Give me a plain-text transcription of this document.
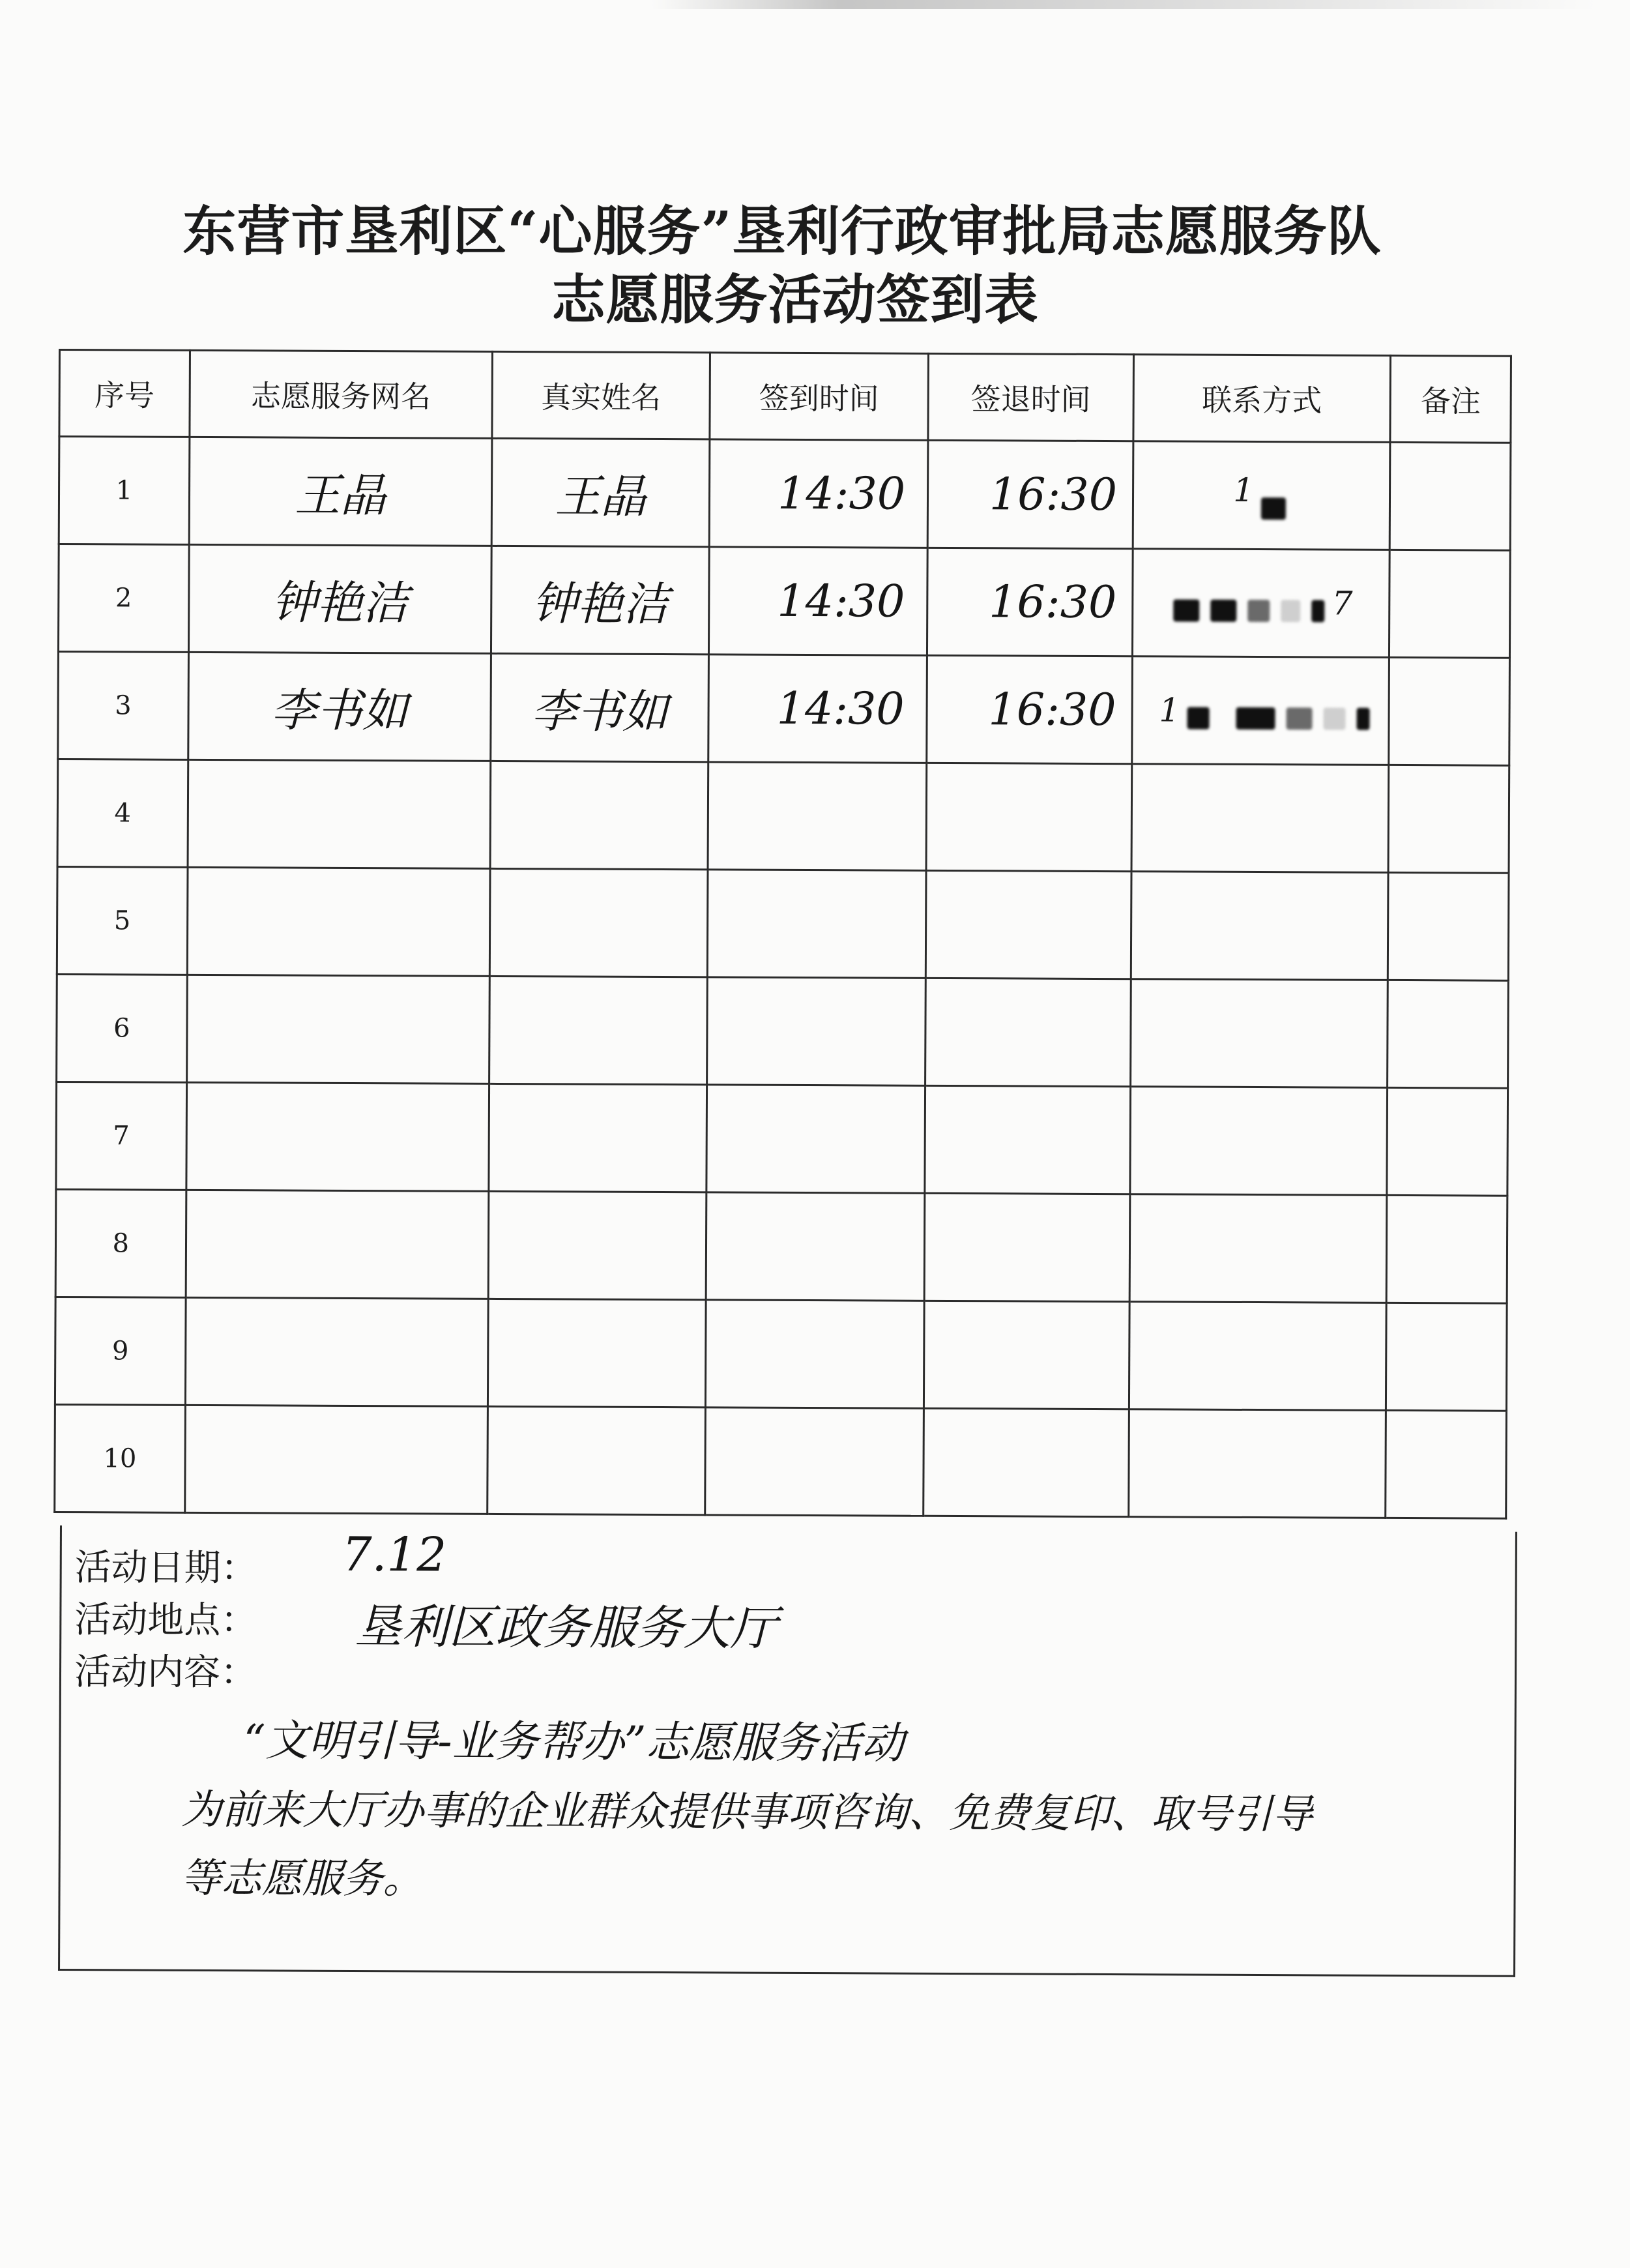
东营市垦利区“心服务”垦利行政审批局志愿服务队
志愿服务活动签到表
序号	志愿服务网名	真实姓名	签到时间	签退时间	联系方式	备注
1	王晶	王晶	14:30	16:30	1	
2	钟艳洁	钟艳洁	14:30	16:30	7	
3	李书如	李书如	14:30	16:30	1	
4						
5						
6						
7						
8						
9						
10						
活动日期： 7.12
活动地点： 垦利区政务服务大厅
活动内容：
“文明引导-业务帮办”志愿服务活动
为前来大厅办事的企业群众提供事项咨询、免费复印、取号引导
等志愿服务。
